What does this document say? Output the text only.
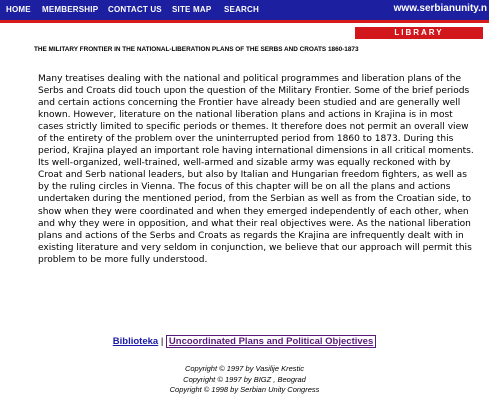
HOME MEMBERSHIP CONTACT US SITE MAP SEARCH	www.serbianunity.n
LIBRARY
THE MILITARY FRONTIER IN THE NATIONAL-LIBERATION PLANS OF THE SERBS AND CROATS 1860-1873
Many treatises dealing with the national and political programmes and liberation plans of the Serbs and Croats did touch upon the question of the Military Frontier. Some of the brief periods and certain actions concerning the Frontier have already been studied and are generally well known. However, literature on the national liberation plans and actions in Krajina is in most cases strictly limited to specific periods or themes. It therefore does not permit an overall view of the entirety of the problem over the uninterrupted period from 1860 to 1873. During this period, Krajina played an important role having international dimensions in all critical moments. Its well-organized, well-trained, well-armed and sizable army was equally reckoned with by Croat and Serb national leaders, but also by Italian and Hungarian freedom fighters, as well as by the ruling circles in Vienna. The focus of this chapter will be on all the plans and actions undertaken during the mentioned period, from the Serbian as well as from the Croatian side, to show when they were coordinated and when they emerged independently of each other, when and why they were in opposition, and what their real objectives were. As the national liberation plans and actions of the Serbs and Croats as regards the Krajina are infrequently dealt with in existing literature and very seldom in conjunction, we believe that our approach will permit this problem to be more fully understood.
Biblioteka | Uncoordinated Plans and Political Objectives
Copyright © 1997 by Vasilije Krestic
Copyright © 1997 by BIGZ , Beograd
Copyright © 1998 by Serbian Unity Congress
